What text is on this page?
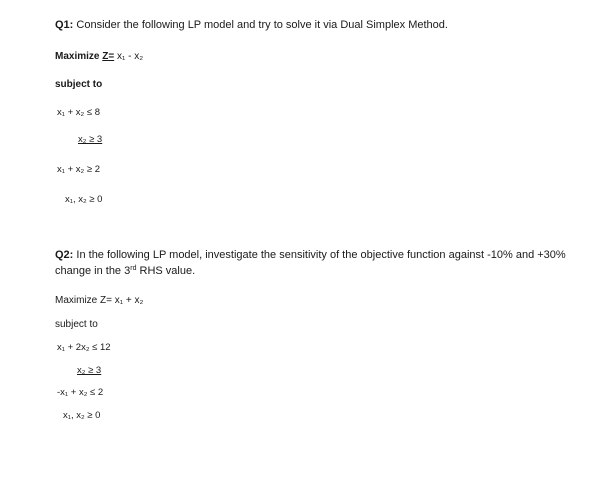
Q1: Consider the following LP model and try to solve it via Dual Simplex Method.
Maximize Z= x₁ - x₂
subject to
x₁ + x₂ ≤ 8
x₂ ≥ 3
x₁ + x₂ ≥ 2
x₁, x₂ ≥ 0
Q2: In the following LP model, investigate the sensitivity of the objective function against -10% and +30% change in the 3rd RHS value.
Maximize Z= x₁ + x₂
subject to
x₁ + 2x₂ ≤ 12
x₂ ≥ 3
-x₁ + x₂ ≤ 2
x₁, x₂ ≥ 0
